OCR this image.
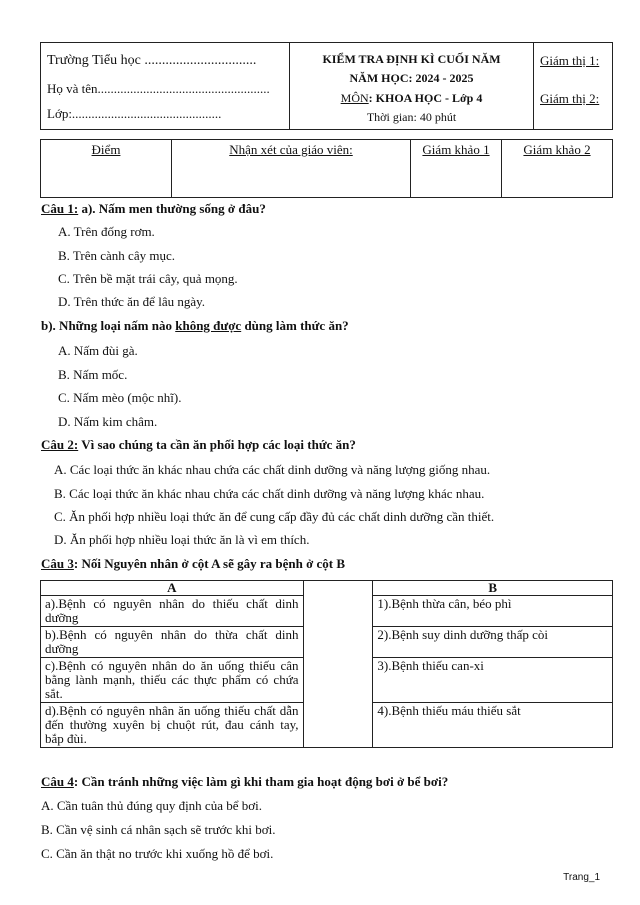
Trường Tiểu học ................................
Họ và tên.....................................................
Lớp:..............................................
KIỂM TRA ĐỊNH KÌ CUỐI NĂM
NĂM HỌC: 2024 - 2025
MÔN: KHOA HỌC - Lớp 4
Thời gian: 40 phút
Giám thị 1:
Giám thị 2:
Điểm	Nhận xét của giáo viên:	Giám khảo 1	Giám khảo 2
Câu 1: a). Nấm men thường sống ở đâu?
A. Trên đống rơm.
B. Trên cành cây mục.
C. Trên bề mặt trái cây, quả mọng.
D. Trên thức ăn để lâu ngày.
b). Những loại nấm nào không được dùng làm thức ăn?
A. Nấm đùi gà.
B. Nấm mốc.
C. Nấm mèo (mộc nhĩ).
D. Nấm kim châm.
Câu 2: Vì sao chúng ta cần ăn phối hợp các loại thức ăn?
A. Các loại thức ăn khác nhau chứa các chất dinh dưỡng và năng lượng giống nhau.
B. Các loại thức ăn khác nhau chứa các chất dinh dưỡng và năng lượng khác nhau.
C. Ăn phối hợp nhiều loại thức ăn để cung cấp đầy đủ các chất dinh dưỡng cần thiết.
D. Ăn phối hợp nhiều loại thức ăn là vì em thích.
Câu 3: Nối Nguyên nhân ở cột A sẽ gây ra bệnh ở cột B
A		B
a).Bệnh có nguyên nhân do thiếu chất dinh dưỡng		1).Bệnh thừa cân, béo phì
b).Bệnh có nguyên nhân do thừa chất dinh dưỡng		2).Bệnh suy dinh dưỡng thấp còi
c).Bệnh có nguyên nhân do ăn uống thiếu cân bằng lành mạnh, thiếu các thực phẩm có chứa sắt.		3).Bệnh thiếu can-xi
d).Bệnh có nguyên nhân ăn uống thiếu chất dẫn đến thường xuyên bị chuột rút, đau cánh tay, bắp đùi.		4).Bệnh thiếu máu thiếu sắt
Câu 4: Cần tránh những việc làm gì khi tham gia hoạt động bơi ở bể bơi?
A. Cần tuân thủ đúng quy định của bể bơi.
B. Cần vệ sinh cá nhân sạch sẽ trước khi bơi.
C. Cần ăn thật no trước khi xuống hồ để bơi.
Trang_1
